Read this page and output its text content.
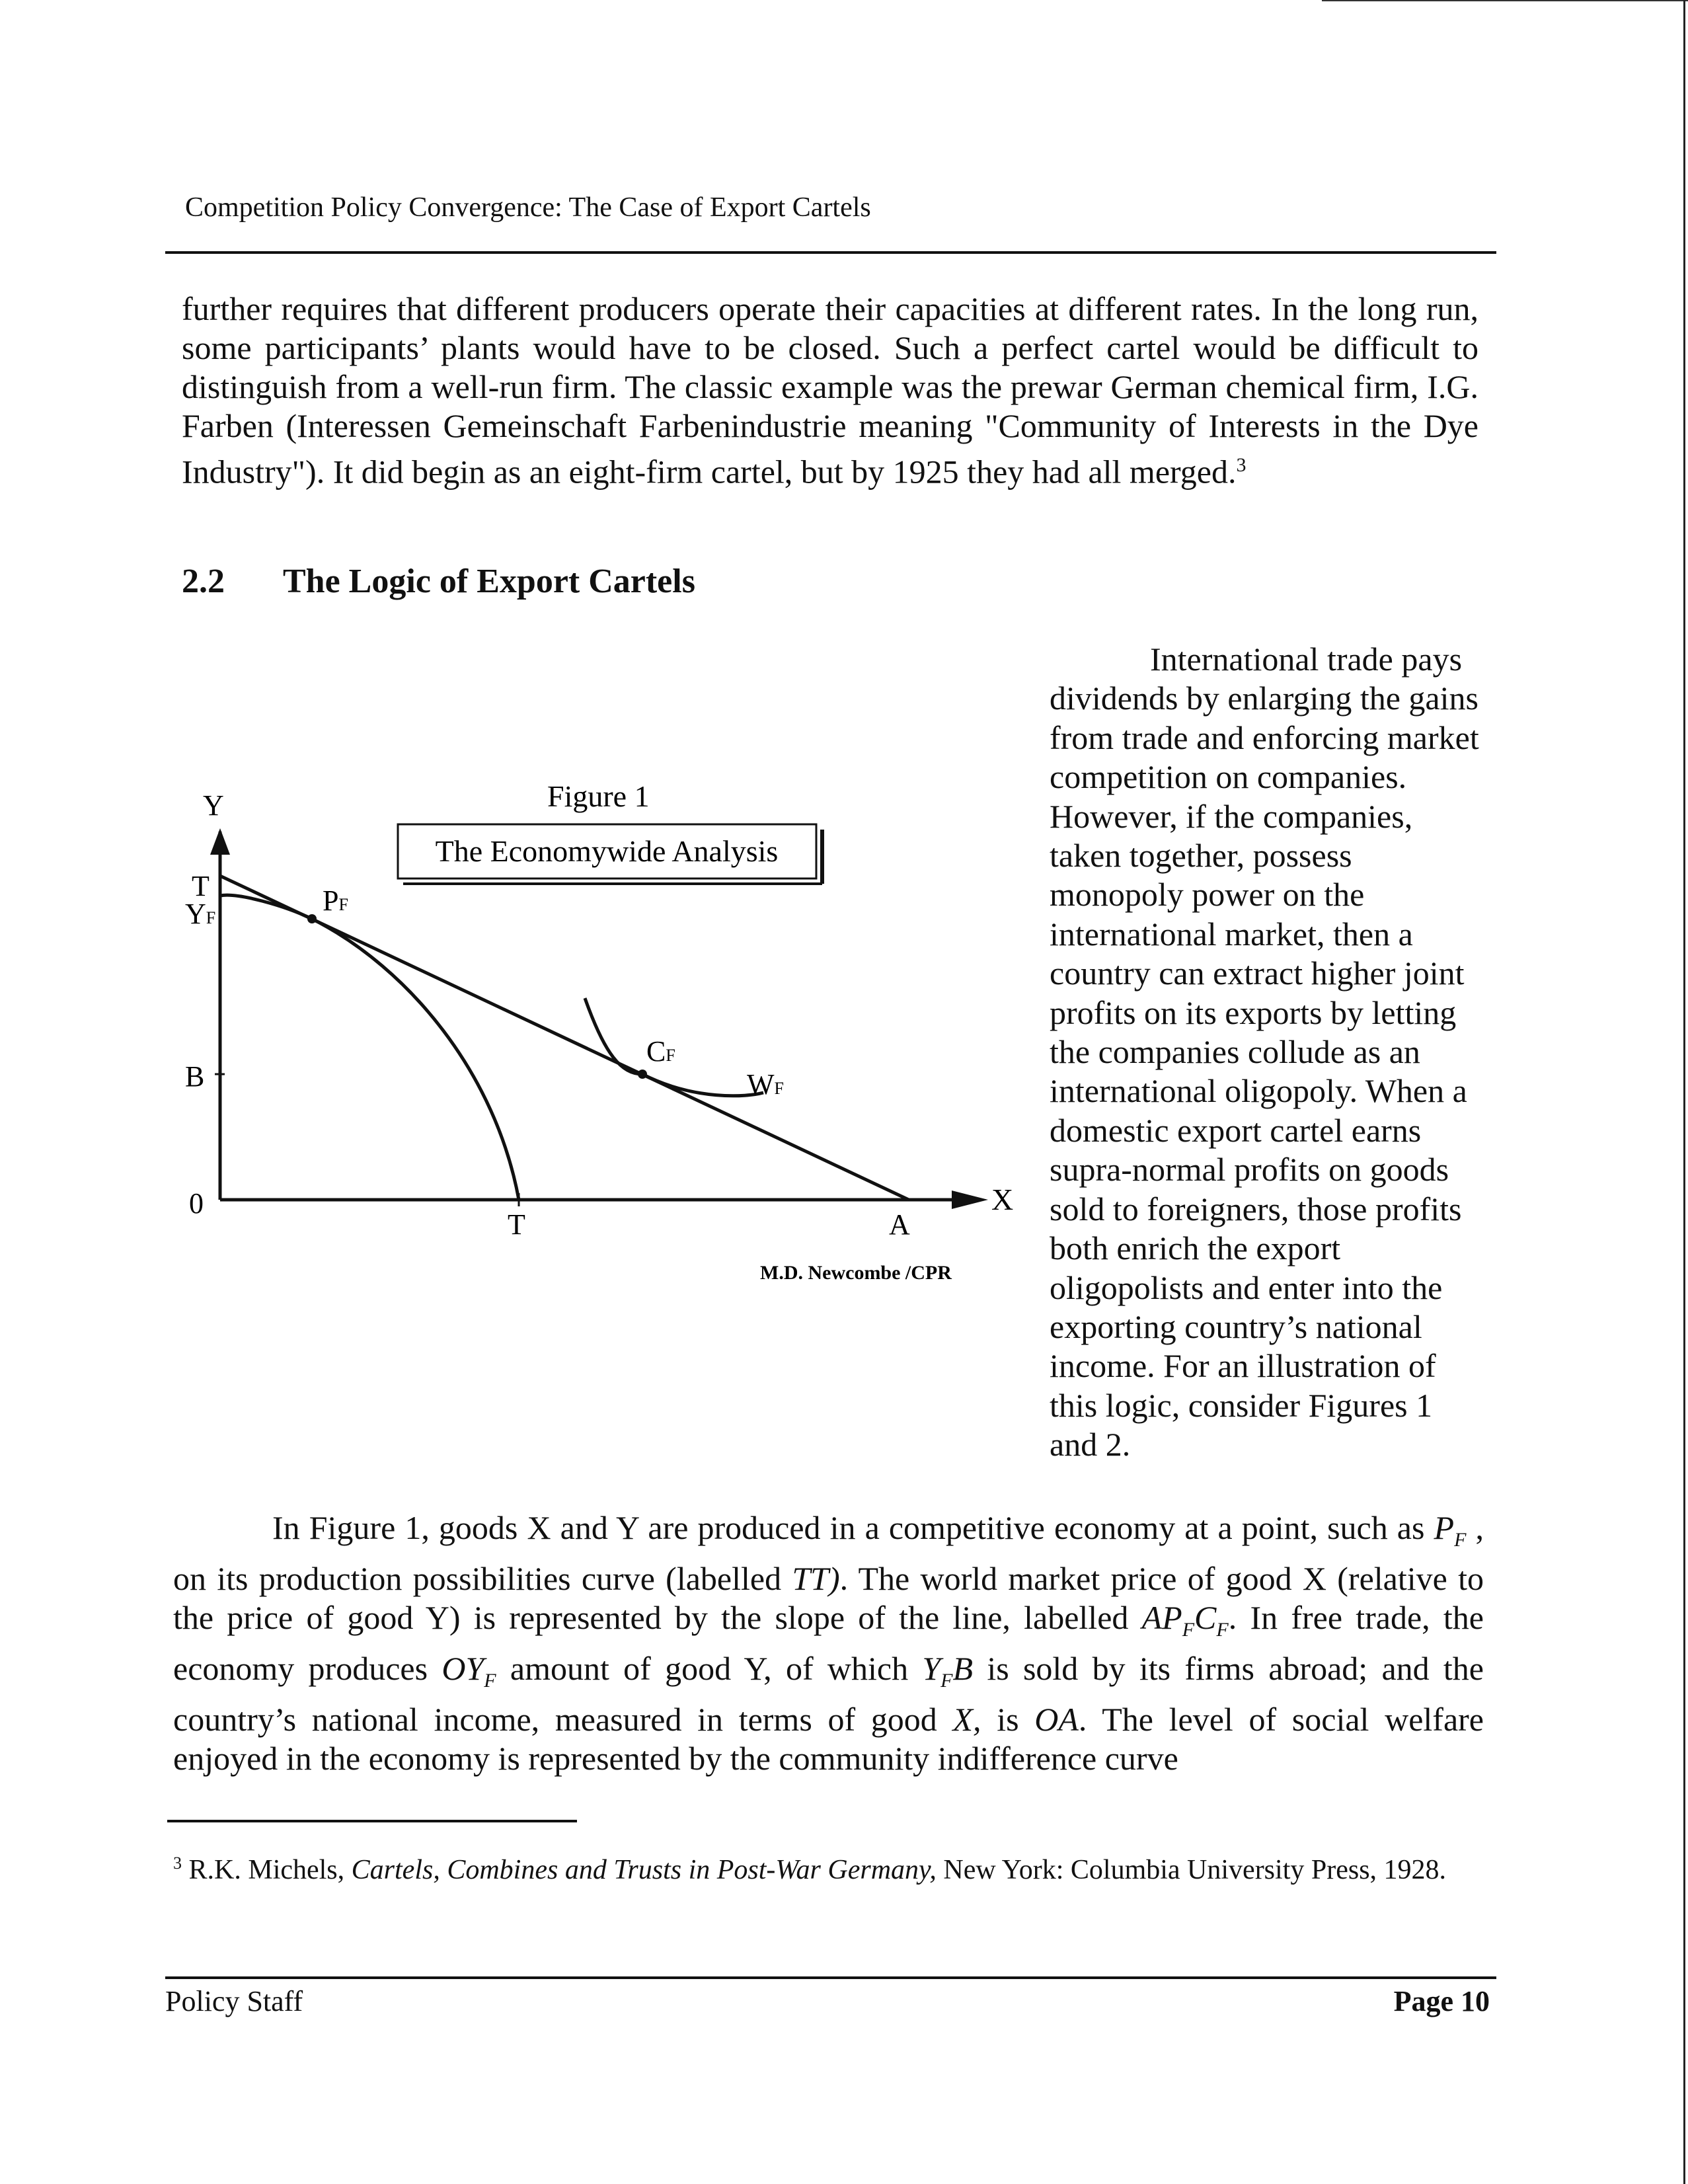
Competition Policy Convergence: The Case of Export Cartels
further requires that different producers operate their capacities at different rates. In the long run, some participants’ plants would have to be closed. Such a perfect cartel would be difficult to distinguish from a well-run firm. The classic example was the prewar German chemical firm, I.G. Farben (Interessen Gemeinschaft Farbenindustrie meaning "Community of Interests in the Dye Industry"). It did begin as an eight-firm cartel, but by 1925 they had all merged.$^3$
2.2 The Logic of Export Cartels
Figure 1
The Economywide Analysis
Y
X
0
T
YF
B
PF
CF
WF
T	A
M.D. Newcombe /CPR
International trade pays
dividends by enlarging the gains from trade and enforcing market competition on companies. However, if the companies, taken together, possess monopoly power on the international market, then a country can extract higher joint profits on its exports by letting the companies collude as an international oligopoly. When a domestic export cartel earns supra-normal profits on goods sold to foreigners, those profits both enrich the export oligopolists and enter into the exporting country’s national income. For an illustration of this logic, consider Figures 1 and 2.
In Figure 1, goods X and Y are produced in a competitive economy at a point, such as $P_F$ , on its production possibilities curve (labelled TT). The world market price of good X (relative to the price of good Y) is represented by the slope of the line, labelled $AP_FC_F$. In free trade, the economy produces $OY_F$ amount of good Y, of which $Y_FB$ is sold by its firms abroad; and the country’s national income, measured in terms of good X, is OA. The level of social welfare enjoyed in the economy is represented by the community indifference curve
$^3$ R.K. Michels, Cartels, Combines and Trusts in Post-War Germany, New York: Columbia University Press, 1928.
Policy Staff	Page 10
